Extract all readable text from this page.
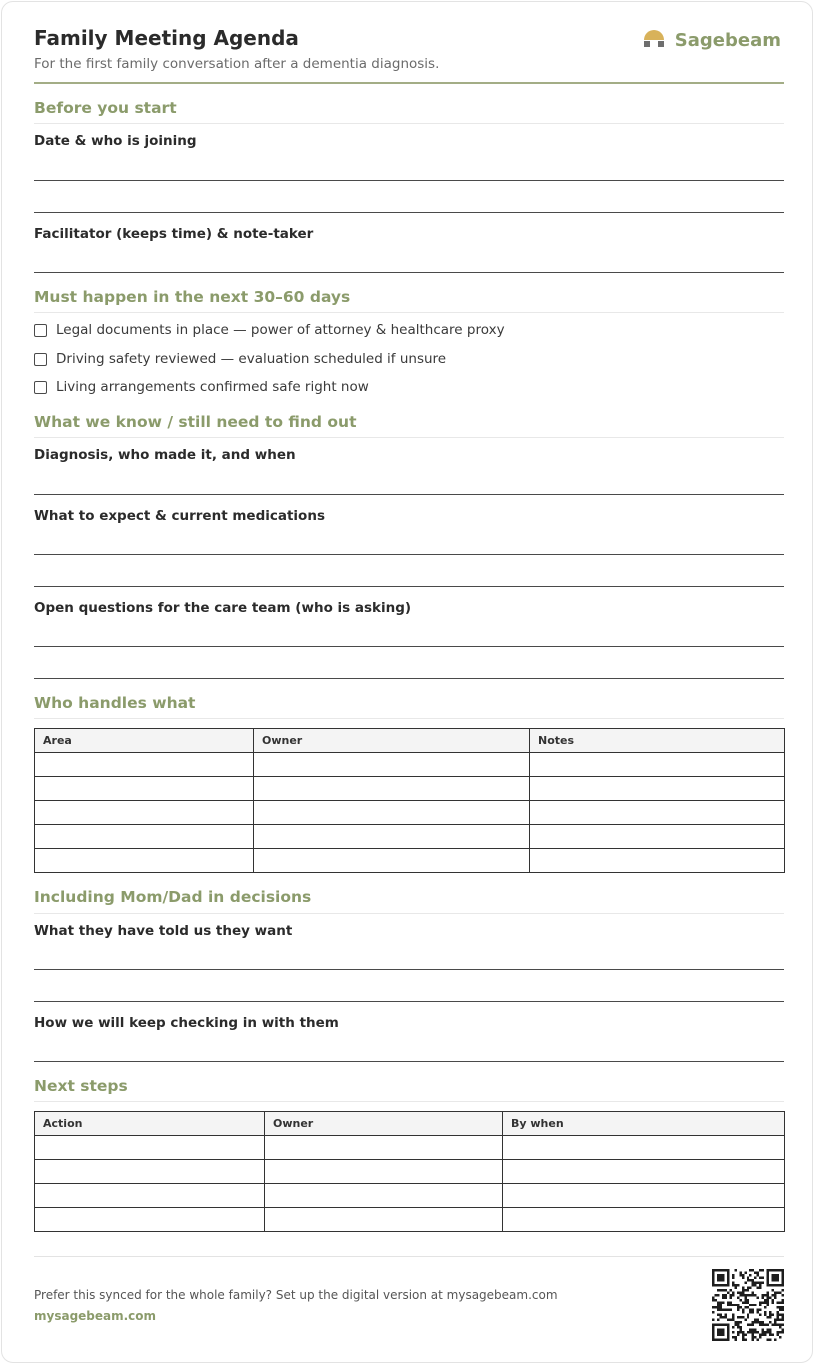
Family Meeting Agenda
For the first family conversation after a dementia diagnosis.
Sagebeam
Before you start
Date & who is joining
Facilitator (keeps time) & note-taker
Must happen in the next 30–60 days
Legal documents in place — power of attorney & healthcare proxy
Driving safety reviewed — evaluation scheduled if unsure
Living arrangements confirmed safe right now
What we know / still need to find out
Diagnosis, who made it, and when
What to expect & current medications
Open questions for the care team (who is asking)
Who handles what
Area	Owner	Notes

Including Mom/Dad in decisions
What they have told us they want
How we will keep checking in with them
Next steps
Action	Owner	By when

Prefer this synced for the whole family? Set up the digital version at mysagebeam.com
mysagebeam.com
